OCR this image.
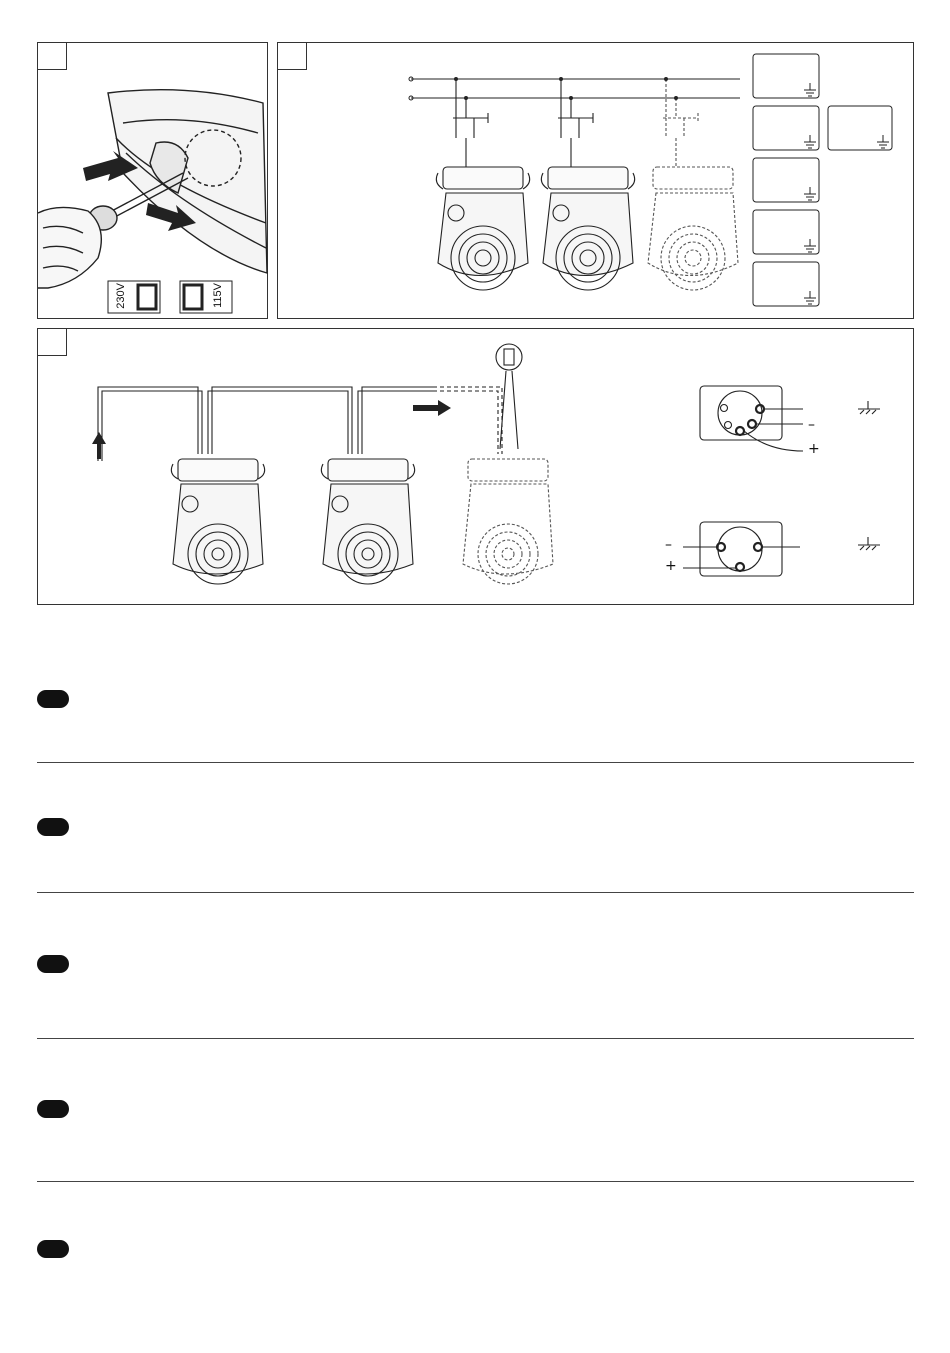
230V	115V
–
+
–
+
